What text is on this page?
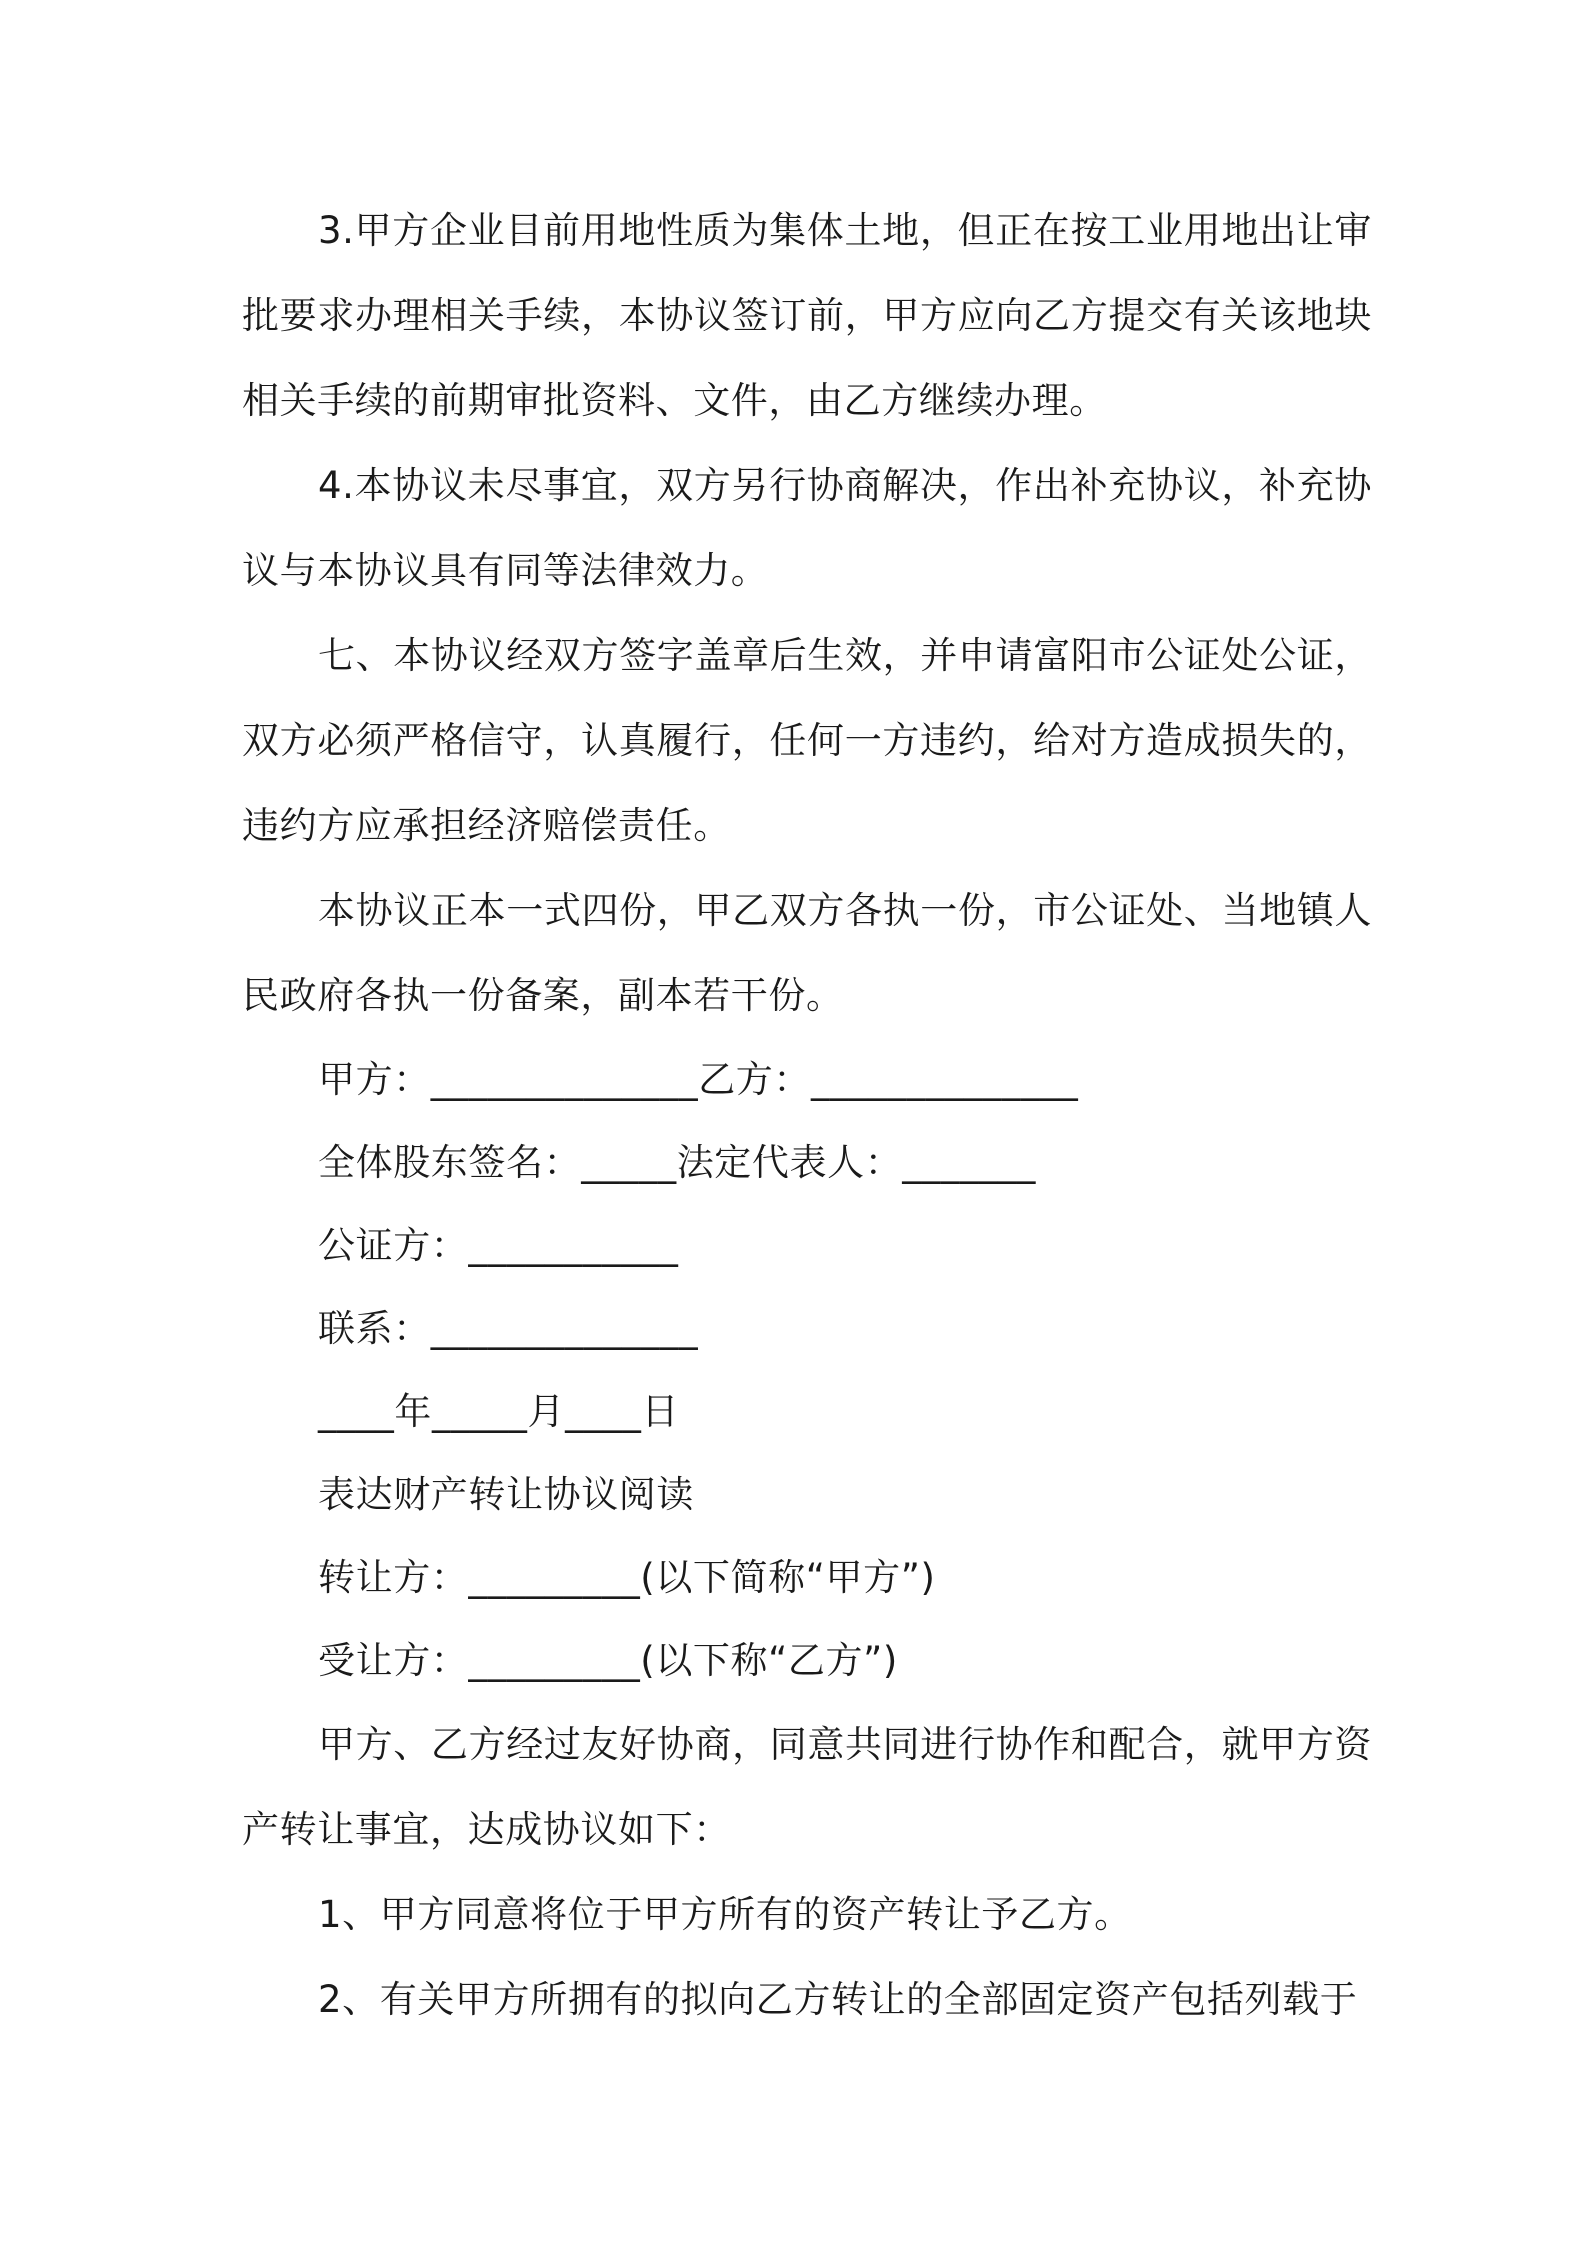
3.甲方企业目前用地性质为集体土地，但正在按工业用地出让审批要求办理相关手续，本协议签订前，甲方应向乙方提交有关该地块相关手续的前期审批资料、文件，由乙方继续办理。

4.本协议未尽事宜，双方另行协商解决，作出补充协议，补充协议与本协议具有同等法律效力。

七、本协议经双方签字盖章后生效，并申请富阳市公证处公证，双方必须严格信守，认真履行，任何一方违约，给对方造成损失的，违约方应承担经济赔偿责任。

本协议正本一式四份，甲乙双方各执一份，市公证处、当地镇人民政府各执一份备案，副本若干份。

甲方：______________乙方：______________

全体股东签名：_____法定代表人：_______

公证方：___________

联系：______________

____年_____月____日

表达财产转让协议阅读

转让方：_________(以下简称“甲方”)

受让方：_________(以下称“乙方”)

甲方、乙方经过友好协商，同意共同进行协作和配合，就甲方资产转让事宜，达成协议如下：

1、甲方同意将位于甲方所有的资产转让予乙方。

2、有关甲方所拥有的拟向乙方转让的全部固定资产包括列载于
